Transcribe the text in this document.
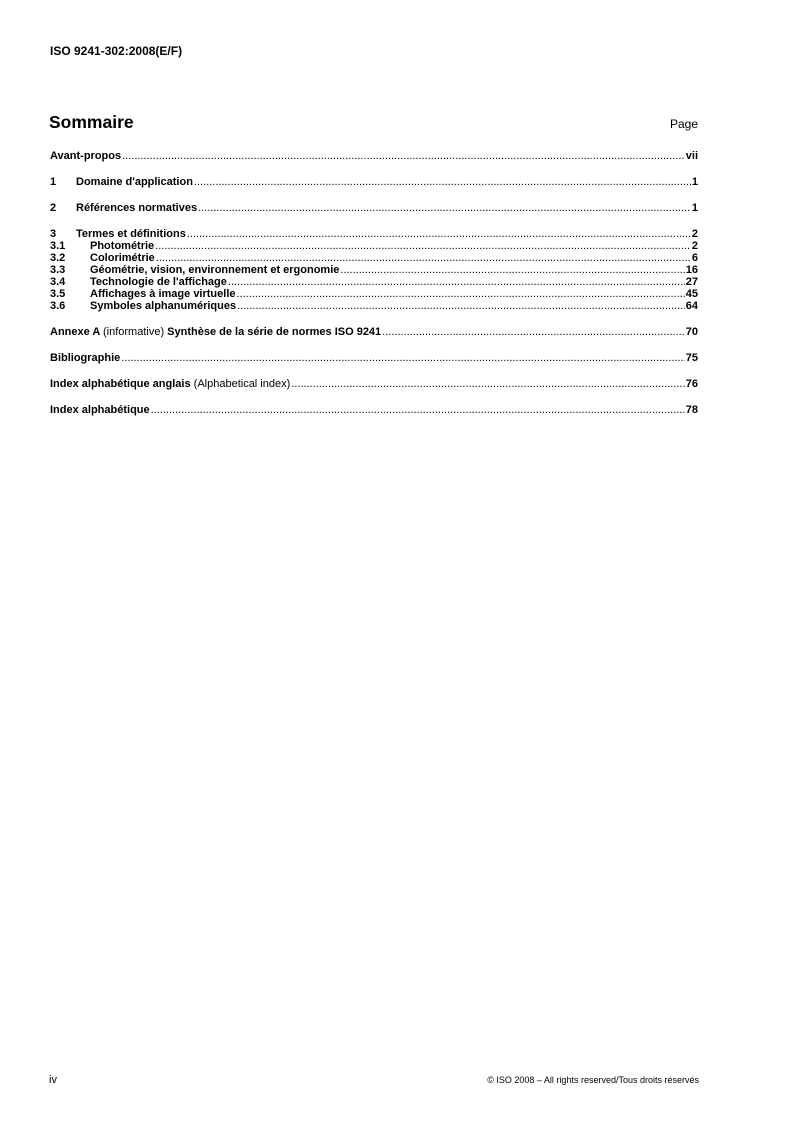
ISO 9241-302:2008(E/F)
Sommaire	Page
Avant-propos .....	vii
1	Domaine d'application .....	1
2	Références normatives .....	1
3	Termes et définitions .....	2
3.1	Photométrie .....	2
3.2	Colorimétrie .....	6
3.3	Géométrie, vision, environnement et ergonomie .....	16
3.4	Technologie de l'affichage .....	27
3.5	Affichages à image virtuelle .....	45
3.6	Symboles alphanumériques .....	64
Annexe A (informative) Synthèse de la série de normes ISO 9241 .....	70
Bibliographie .....	75
Index alphabétique anglais (Alphabetical index) .....	76
Index alphabétique .....	78
iv	© ISO 2008 – All rights reserved/Tous droits réservés
